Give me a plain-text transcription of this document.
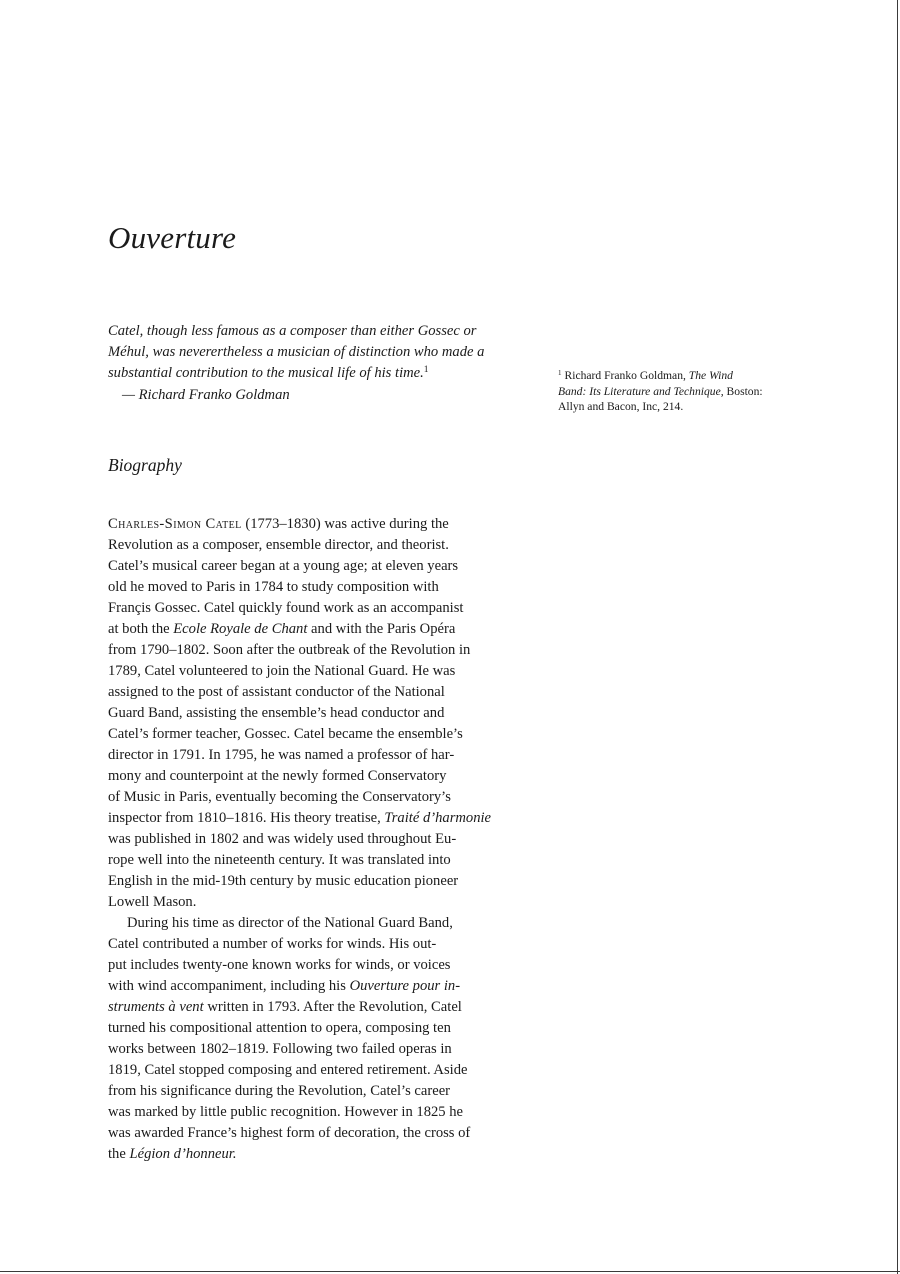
Ouverture
Catel, though less famous as a composer than either Gossec or
Méhul, was neverertheless a musician of distinction who made a
substantial contribution to the musical life of his time.$^1$
— Richard Franko Goldman
$^1$ Richard Franko Goldman, The Wind
Band: Its Literature and Technique, Boston:
Allyn and Bacon, Inc, 214.
Biography
Charles-Simon Catel (1773–1830) was active during the
Revolution as a composer, ensemble director, and theorist.
Catel’s musical career began at a young age; at eleven years
old he moved to Paris in 1784 to study composition with
Françis Gossec. Catel quickly found work as an accompanist
at both the Ecole Royale de Chant and with the Paris Opéra
from 1790–1802. Soon after the outbreak of the Revolution in
1789, Catel volunteered to join the National Guard. He was
assigned to the post of assistant conductor of the National
Guard Band, assisting the ensemble’s head conductor and
Catel’s former teacher, Gossec. Catel became the ensemble’s
director in 1791. In 1795, he was named a professor of har-
mony and counterpoint at the newly formed Conservatory
of Music in Paris, eventually becoming the Conservatory’s
inspector from 1810–1816. His theory treatise, Traité d’harmonie
was published in 1802 and was widely used throughout Eu-
rope well into the nineteenth century. It was translated into
English in the mid-19th century by music education pioneer
Lowell Mason.
During his time as director of the National Guard Band,
Catel contributed a number of works for winds. His out-
put includes twenty-one known works for winds, or voices
with wind accompaniment, including his Ouverture pour in-
struments à vent written in 1793. After the Revolution, Catel
turned his compositional attention to opera, composing ten
works between 1802–1819. Following two failed operas in
1819, Catel stopped composing and entered retirement. Aside
from his significance during the Revolution, Catel’s career
was marked by little public recognition. However in 1825 he
was awarded France’s highest form of decoration, the cross of
the Légion d’honneur.
